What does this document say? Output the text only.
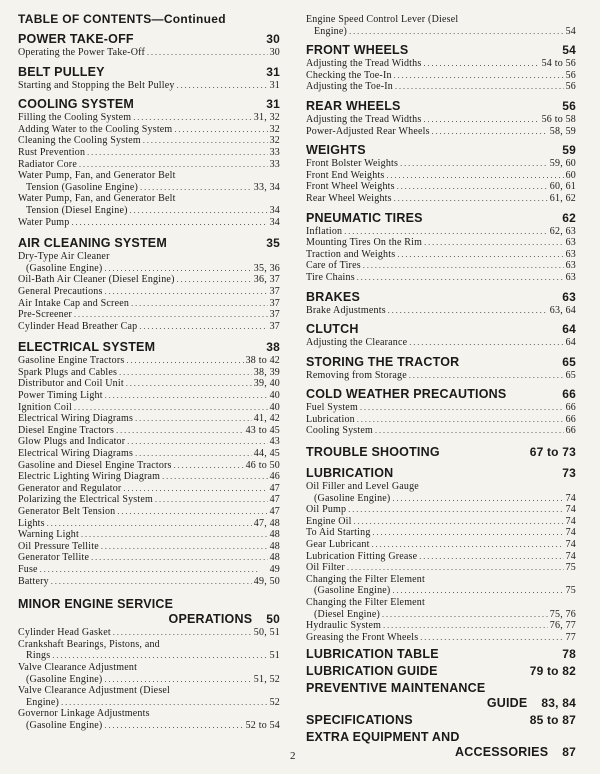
TABLE OF CONTENTS—Continued
POWER TAKE-OFF	30
Operating the Power Take-Off . . .	30
BELT PULLEY	31
Starting and Stopping the Belt Pulley . . .	31
COOLING SYSTEM	31
Filling the Cooling System . . .	31, 32
Adding Water to the Cooling System . . .	32
Cleaning the Cooling System . . .	32
Rust Prevention . . .	33
Radiator Core . . .	33
Water Pump, Fan, and Generator Belt
Tension (Gasoline Engine) . . .	33, 34
Water Pump, Fan, and Generator Belt
Tension (Diesel Engine) . . .	34
Water Pump . . .	34
AIR CLEANING SYSTEM	35
Dry-Type Air Cleaner
(Gasoline Engine) . . .	35, 36
Oil-Bath Air Cleaner (Diesel Engine) . . .	36, 37
General Precautions . . .	37
Air Intake Cap and Screen . . .	37
Pre-Screener . . .	37
Cylinder Head Breather Cap . . .	37
ELECTRICAL SYSTEM	38
Gasoline Engine Tractors . . .	38 to 42
Spark Plugs and Cables . . .	38, 39
Distributor and Coil Unit . . .	39, 40
Power Timing Light . . .	40
Ignition Coil . . .	40
Electrical Wiring Diagrams . . .	41, 42
Diesel Engine Tractors . . .	43 to 45
Glow Plugs and Indicator . . .	43
Electrical Wiring Diagrams . . .	44, 45
Gasoline and Diesel Engine Tractors . . .	46 to 50
Electric Lighting Wiring Diagram . . .	46
Generator and Regulator . . .	47
Polarizing the Electrical System . . .	47
Generator Belt Tension . . .	47
Lights . . .	47, 48
Warning Light . . .	48
Oil Pressure Tellite . . .	48
Generator Tellite . . .	48
Fuse . . .	49
Battery . . .	49, 50
MINOR ENGINE SERVICE
OPERATIONS 50
Cylinder Head Gasket . . .	50, 51
Crankshaft Bearings, Pistons, and
Rings . . .	51
Valve Clearance Adjustment
(Gasoline Engine) . . .	51, 52
Valve Clearance Adjustment (Diesel
Engine) . . .	52
Governor Linkage Adjustments
(Gasoline Engine) . . .	52 to 54
Engine Speed Control Lever (Diesel
Engine) . . .	54
FRONT WHEELS	54
Adjusting the Tread Widths . . .	54 to 56
Checking the Toe-In . . .	56
Adjusting the Toe-In . . .	56
REAR WHEELS	56
Adjusting the Tread Widths . . .	56 to 58
Power-Adjusted Rear Wheels . . .	58, 59
WEIGHTS	59
Front Bolster Weights . . .	59, 60
Front End Weights . . .	60
Front Wheel Weights . . .	60, 61
Rear Wheel Weights . . .	61, 62
PNEUMATIC TIRES	62
Inflation . . .	62, 63
Mounting Tires On the Rim . . .	63
Traction and Weights . . .	63
Care of Tires . . .	63
Tire Chains . . .	63
BRAKES	63
Brake Adjustments . . .	63, 64
CLUTCH	64
Adjusting the Clearance . . .	64
STORING THE TRACTOR	65
Removing from Storage . . .	65
COLD WEATHER PRECAUTIONS	66
Fuel System . . .	66
Lubrication . . .	66
Cooling System . . .	66
TROUBLE SHOOTING	67 to 73
LUBRICATION	73
Oil Filler and Level Gauge
(Gasoline Engine) . . .	74
Oil Pump . . .	74
Engine Oil . . .	74
To Aid Starting . . .	74
Gear Lubricant . . .	74
Lubrication Fitting Grease . . .	74
Oil Filter . . .	75
Changing the Filter Element
(Gasoline Engine) . . .	75
Changing the Filter Element
(Diesel Engine) . . .	75, 76
Hydraulic System . . .	76, 77
Greasing the Front Wheels . . .	77
LUBRICATION TABLE	78
LUBRICATION GUIDE	79 to 82
PREVENTIVE MAINTENANCE
GUIDE 83, 84
SPECIFICATIONS	85 to 87
EXTRA EQUIPMENT AND
ACCESSORIES 87
2
